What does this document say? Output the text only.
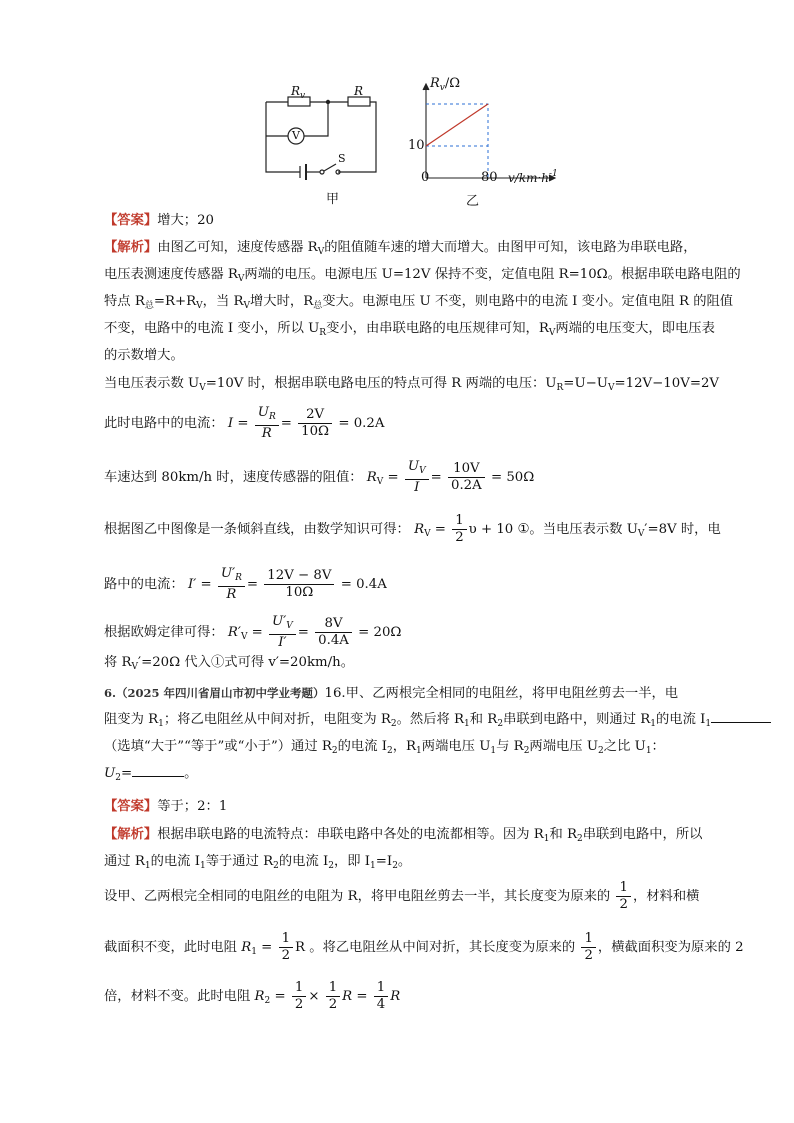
$R_v$	R
V
S
甲
$R_v/\Omega$
10
0	80 $v/km\cdot h^{-1}$
乙
【答案】增大；20
【解析】由图乙可知，速度传感器 $R_V$的阻值随车速的增大而增大。由图甲可知，该电路为串联电路，
电压表测速度传感器 $R_V$两端的电压。电源电压 U=12V 保持不变，定值电阻 R=10Ω。根据串联电路电阻的
特点 $R_总=R+R_V$，当 $R_V$增大时，$R_总$变大。电源电压 U 不变，则电路中的电流 I 变小。定值电阻 R 的阻值
不变，电路中的电流 I 变小，所以 $U_R$变小，由串联电路的电压规律可知，$R_V$两端的电压变大，即电压表
的示数增大。
当电压表示数 $U_V=10V$ 时，根据串联电路电压的特点可得 R 两端的电压：$U_R=U-U_V=12V-10V=2V$
此时电路中的电流： $I = \frac{U_R}{R} = \frac{2V}{10\Omega} = 0.2A$
车速达到 80km/h 时，速度传感器的阻值： $R_V = \frac{U_V}{I} = \frac{10V}{0.2A} = 50\Omega$
根据图乙中图像是一条倾斜直线，由数学知识可得： $R_V = \frac{1}{2}$ υ + 10 ①。当电压表示数 $U_V'=8V$ 时，电
路中的电流： $I' = \frac{U'_R}{R} = \frac{12V - 8V}{10\Omega} = 0.4A$
根据欧姆定律可得： $R'_V = \frac{U'_V}{I'} = \frac{8V}{0.4A} = 20\Omega$
将 $R_V'=20\Omega$ 代入①式可得 v′=20km/h。
6.（2025 年四川省眉山市初中学业考题）16.甲、乙两根完全相同的电阻丝，将甲电阻丝剪去一半，电
阻变为 $R_1$；将乙电阻丝从中间对折，电阻变为 $R_2$。然后将 $R_1$和 $R_2$串联到电路中，则通过 $R_1$的电流 $I_1$
（选填“大于”“等于”或“小于”）通过 $R_2$的电流 $I_2$，$R_1$两端电压 $U_1$与 $R_2$两端电压 $U_2$之比 $U_1$：
$U_2=$	。
【答案】等于；2：1
【解析】根据串联电路的电流特点：串联电路中各处的电流都相等。因为 $R_1$和 $R_2$串联到电路中，所以
通过 $R_1$的电流 $I_1$等于通过 $R_2$的电流 $I_2$，即 $I_1=I_2$。
设甲、乙两根完全相同的电阻丝的电阻为 R，将甲电阻丝剪去一半，其长度变为原来的 $\frac{1}{2}$ ，材料和横
截面积不变，此时电阻 $R_1 = \frac{1}{2}$ R 。将乙电阻丝从中间对折，其长度变为原来的 $\frac{1}{2}$ ，横截面积变为原来的 2
倍，材料不变。此时电阻 $R_2 = \frac{1}{2} \times \frac{1}{2}$ $R = \frac{1}{4}$ R
